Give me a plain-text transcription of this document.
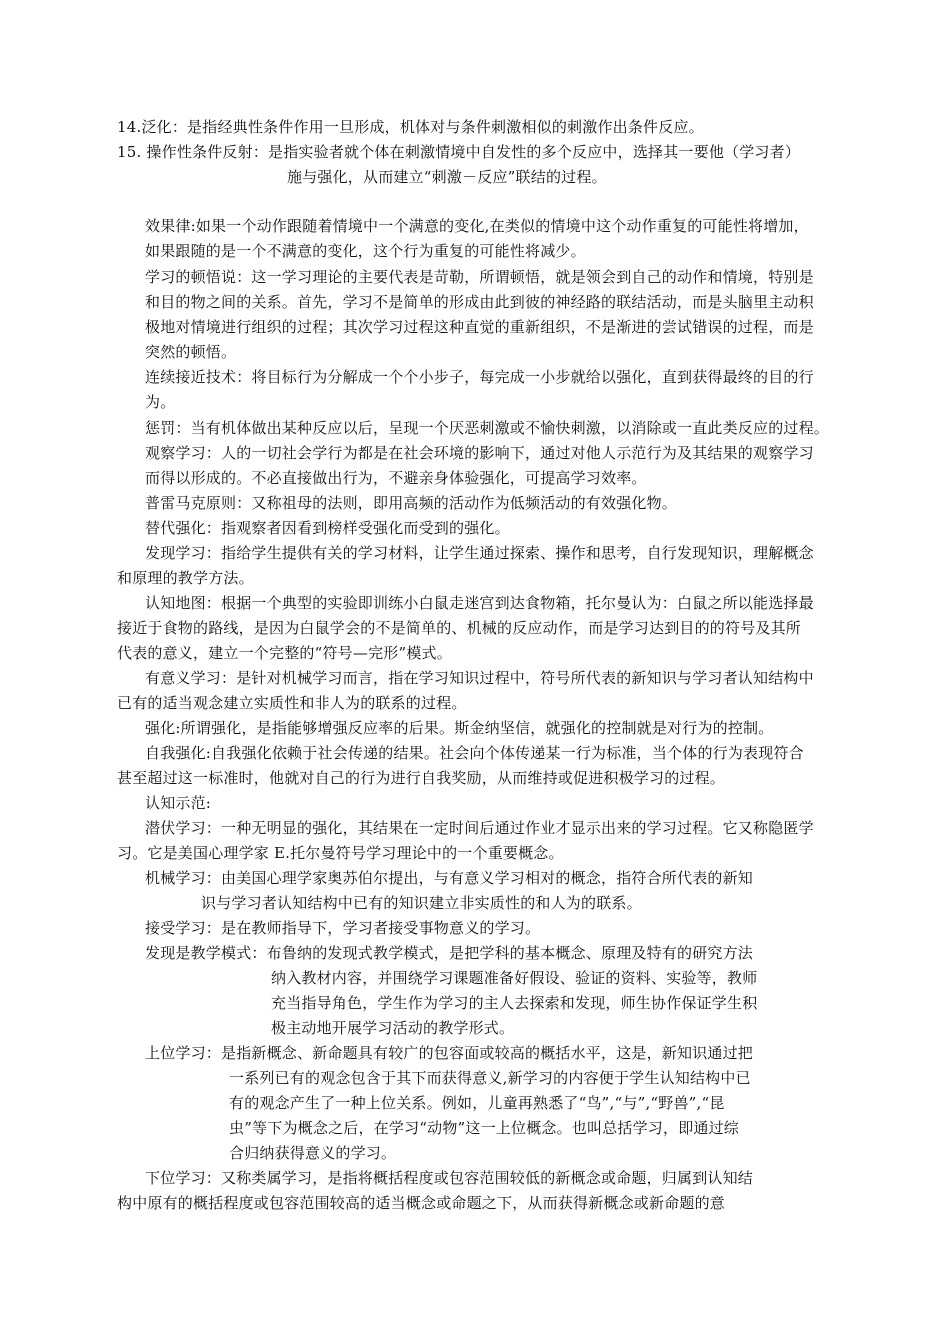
14.泛化：是指经典性条件作用一旦形成，机体对与条件刺激相似的刺激作出条件反应。
15. 操作性条件反射：是指实验者就个体在刺激情境中自发性的多个反应中，选择其一要他（学习者）
施与强化，从而建立“刺激－反应”联结的过程。
效果律:如果一个动作跟随着情境中一个满意的变化,在类似的情境中这个动作重复的可能性将增加，
如果跟随的是一个不满意的变化，这个行为重复的可能性将减少。
学习的顿悟说：这一学习理论的主要代表是苛勒，所谓顿悟，就是领会到自己的动作和情境，特别是
和目的物之间的关系。首先，学习不是简单的形成由此到彼的神经路的联结活动，而是头脑里主动积
极地对情境进行组织的过程；其次学习过程这种直觉的重新组织，不是渐进的尝试错误的过程，而是
突然的顿悟。
连续接近技术：将目标行为分解成一个个小步子，每完成一小步就给以强化，直到获得最终的目的行
为。
惩罚：当有机体做出某种反应以后，呈现一个厌恶刺激或不愉快刺激，以消除或一直此类反应的过程。
观察学习：人的一切社会学行为都是在社会环境的影响下，通过对他人示范行为及其结果的观察学习
而得以形成的。不必直接做出行为，不避亲身体验强化，可提高学习效率。
普雷马克原则：又称祖母的法则，即用高频的活动作为低频活动的有效强化物。
替代强化：指观察者因看到榜样受强化而受到的强化。
发现学习：指给学生提供有关的学习材料，让学生通过探索、操作和思考，自行发现知识，理解概念
和原理的教学方法。
认知地图：根据一个典型的实验即训练小白鼠走迷宫到达食物箱，托尔曼认为：白鼠之所以能选择最
接近于食物的路线，是因为白鼠学会的不是简单的、机械的反应动作，而是学习达到目的的符号及其所
代表的意义，建立一个完整的“符号—完形”模式。
有意义学习：是针对机械学习而言，指在学习知识过程中，符号所代表的新知识与学习者认知结构中
已有的适当观念建立实质性和非人为的联系的过程。
强化:所谓强化，是指能够增强反应率的后果。斯金纳坚信，就强化的控制就是对行为的控制。
自我强化:自我强化依赖于社会传递的结果。社会向个体传递某一行为标准，当个体的行为表现符合
甚至超过这一标准时，他就对自己的行为进行自我奖励，从而维持或促进积极学习的过程。
认知示范:
潜伏学习：一种无明显的强化，其结果在一定时间后通过作业才显示出来的学习过程。它又称隐匿学
习。它是美国心理学家 E.托尔曼符号学习理论中的一个重要概念。
机械学习：由美国心理学家奥苏伯尔提出，与有意义学习相对的概念，指符合所代表的新知
识与学习者认知结构中已有的知识建立非实质性的和人为的联系。
接受学习：是在教师指导下，学习者接受事物意义的学习。
发现是教学模式：布鲁纳的发现式教学模式，是把学科的基本概念、原理及特有的研究方法
纳入教材内容，并围绕学习课题准备好假设、验证的资料、实验等，教师
充当指导角色，学生作为学习的主人去探索和发现，师生协作保证学生积
极主动地开展学习活动的教学形式。
上位学习：是指新概念、新命题具有较广的包容面或较高的概括水平，这是，新知识通过把
一系列已有的观念包含于其下而获得意义,新学习的内容便于学生认知结构中已
有的观念产生了一种上位关系。例如，儿童再熟悉了“鸟”,“与”,“野兽”,“昆
虫”等下为概念之后，在学习“动物”这一上位概念。也叫总括学习，即通过综
合归纳获得意义的学习。
下位学习：又称类属学习，是指将概括程度或包容范围较低的新概念或命题，归属到认知结
构中原有的概括程度或包容范围较高的适当概念或命题之下，从而获得新概念或新命题的意
